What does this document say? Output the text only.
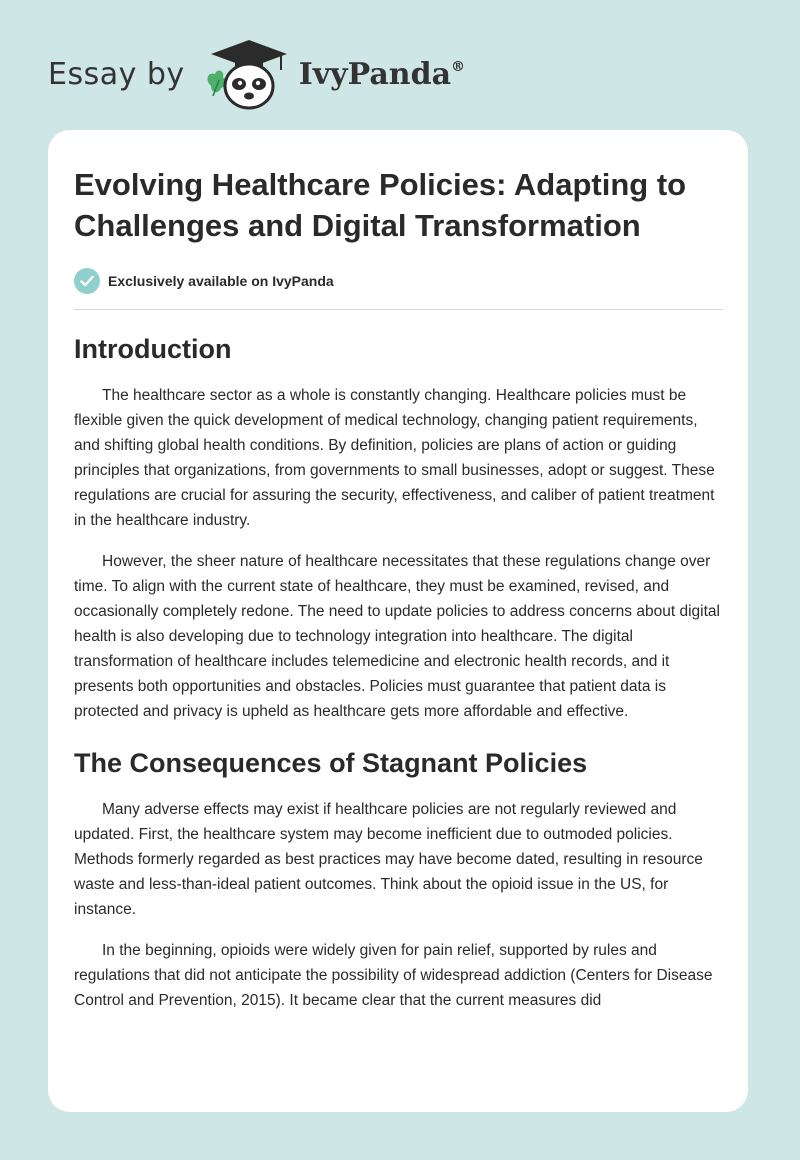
Essay by	IvyPanda®
Evolving Healthcare Policies: Adapting to Challenges and Digital Transformation
Exclusively available on IvyPanda
Introduction

The healthcare sector as a whole is constantly changing. Healthcare policies must be flexible given the quick development of medical technology, changing patient requirements, and shifting global health conditions. By definition, policies are plans of action or guiding principles that organizations, from governments to small businesses, adopt or suggest. These regulations are crucial for assuring the security, effectiveness, and caliber of patient treatment in the healthcare industry.

However, the sheer nature of healthcare necessitates that these regulations change over time. To align with the current state of healthcare, they must be examined, revised, and occasionally completely redone. The need to update policies to address concerns about digital health is also developing due to technology integration into healthcare. The digital transformation of healthcare includes telemedicine and electronic health records, and it presents both opportunities and obstacles. Policies must guarantee that patient data is protected and privacy is upheld as healthcare gets more affordable and effective.

The Consequences of Stagnant Policies

Many adverse effects may exist if healthcare policies are not regularly reviewed and updated. First, the healthcare system may become inefficient due to outmoded policies. Methods formerly regarded as best practices may have become dated, resulting in resource waste and less-than-ideal patient outcomes. Think about the opioid issue in the US, for instance.

In the beginning, opioids were widely given for pain relief, supported by rules and regulations that did not anticipate the possibility of widespread addiction (Centers for Disease Control and Prevention, 2015). It became clear that the current measures did
